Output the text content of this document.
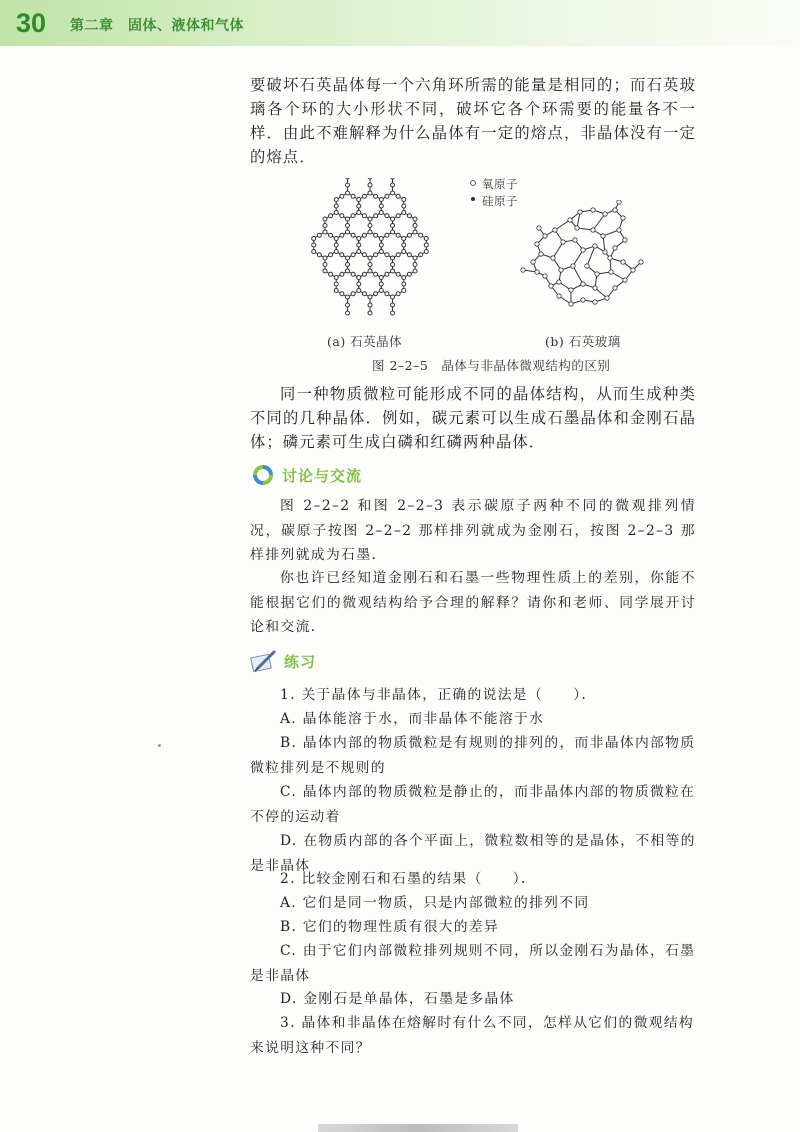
30 第二章　固体、液体和气体

要破坏石英晶体每一个六角环所需的能量是相同的；而石英玻璃各个环的大小形状不同，破坏它各个环需要的能量各不一样．由此不难解释为什么晶体有一定的熔点，非晶体没有一定的熔点．

氧原子
硅原子
(a) 石英晶体	(b) 石英玻璃
图 2–2–5　晶体与非晶体微观结构的区别

同一种物质微粒可能形成不同的晶体结构，从而生成种类不同的几种晶体．例如，碳元素可以生成石墨晶体和金刚石晶体；磷元素可生成白磷和红磷两种晶体．

讨论与交流

图 2–2–2 和图 2–2–3 表示碳原子两种不同的微观排列情况，碳原子按图 2–2–2 那样排列就成为金刚石，按图 2–2–3 那样排列就成为石墨．

你也许已经知道金刚石和石墨一些物理性质上的差别，你能不能根据它们的微观结构给予合理的解释？请你和老师、同学展开讨论和交流．

练习

1. 关于晶体与非晶体，正确的说法是（　　）．

A. 晶体能溶于水，而非晶体不能溶于水

B. 晶体内部的物质微粒是有规则的排列的，而非晶体内部物质微粒排列是不规则的

C. 晶体内部的物质微粒是静止的，而非晶体内部的物质微粒在不停的运动着

D. 在物质内部的各个平面上，微粒数相等的是晶体，不相等的是非晶体

2. 比较金刚石和石墨的结果（　　）．

A. 它们是同一物质，只是内部微粒的排列不同

B. 它们的物理性质有很大的差异

C. 由于它们内部微粒排列规则不同，所以金刚石为晶体，石墨是非晶体

D. 金刚石是单晶体，石墨是多晶体

3. 晶体和非晶体在熔解时有什么不同，怎样从它们的微观结构来说明这种不同？
